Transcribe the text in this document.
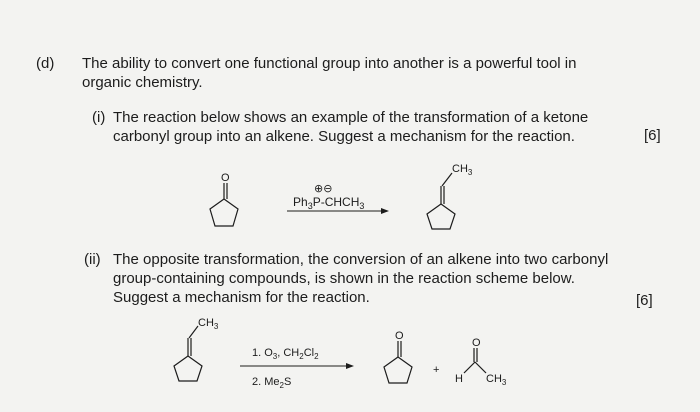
(d) The ability to convert one functional group into another is a powerful tool in
organic chemistry.
(i) The reaction below shows an example of the transformation of a ketone
carbonyl group into an alkene. Suggest a mechanism for the reaction.	[6]
O
⊕⊖
$Ph_3P-CHCH_3$
$CH_3$
(ii) The opposite transformation, the conversion of an alkene into two carbonyl
group-containing compounds, is shown in the reaction scheme below.
Suggest a mechanism for the reaction.	[6]
$CH_3$
1. $O_3$, $CH_2Cl_2$
2. $Me_2S$
O
+
O
H $CH_3$
